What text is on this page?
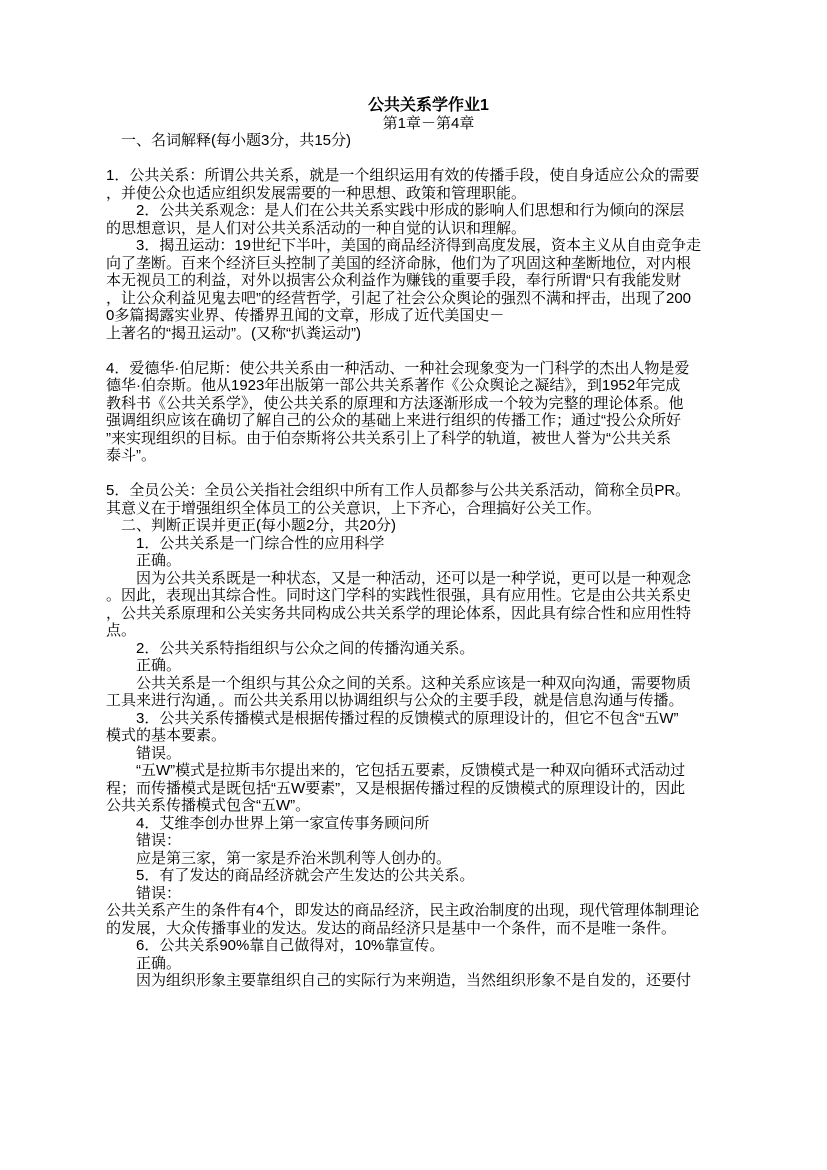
公共关系学作业1
第1章－第4章
　一、名词解释(每小题3分，共15分)
1．公共关系：所谓公共关系，就是一个组织运用有效的传播手段，使自身适应公众的需要
，并使公众也适应组织发展需要的一种思想、政策和管理职能。
　　2．公共关系观念：是人们在公共关系实践中形成的影响人们思想和行为倾向的深层
的思想意识，是人们对公共关系活动的一种自觉的认识和理解。
　　3．揭丑运动：19世纪下半叶，美国的商品经济得到高度发展，资本主义从自由竞争走
向了垄断。百来个经济巨头控制了美国的经济命脉，他们为了巩固这种垄断地位，对内根
本无视员工的利益，对外以损害公众利益作为赚钱的重要手段，奉行所谓“只有我能发财
，让公众利益见鬼去吧”的经营哲学，引起了社会公众舆论的强烈不满和抨击，出现了200
0多篇揭露实业界、传播界丑闻的文章，形成了近代美国史－
上著名的“揭丑运动”。(又称“扒粪运动”)
4．爱德华·伯尼斯：使公共关系由一种活动、一种社会现象变为一门科学的杰出人物是爱
德华·伯奈斯。他从1923年出版第一部公共关系著作《公众舆论之凝结》，到1952年完成
教科书《公共关系学》，使公共关系的原理和方法逐渐形成一个较为完整的理论体系。他
强调组织应该在确切了解自己的公众的基础上来进行组织的传播工作；通过“投公众所好
”来实现组织的目标。由于伯奈斯将公共关系引上了科学的轨道，被世人誉为“公共关系
泰斗”。
5．全员公关：全员公关指社会组织中所有工作人员都参与公共关系活动，简称全员PR。
其意义在于增强组织全体员工的公关意识，上下齐心，合理搞好公关工作。
　二、判断正误并更正(每小题2分，共20分)
　　1．公共关系是一门综合性的应用科学
　　正确。
　　因为公共关系既是一种状态，又是一种活动，还可以是一种学说，更可以是一种观念
。因此，表现出其综合性。同时这门学科的实践性很强，具有应用性。它是由公共关系史
，公共关系原理和公关实务共同构成公共关系学的理论体系，因此具有综合性和应用性特
点。
　　2．公共关系特指组织与公众之间的传播沟通关系。
　　正确。
　　公共关系是一个组织与其公众之间的关系。这种关系应该是一种双向沟通，需要物质
工具来进行沟通，。而公共关系用以协调组织与公众的主要手段，就是信息沟通与传播。
　　3．公共关系传播模式是根据传播过程的反馈模式的原理设计的，但它不包含“五W”
模式的基本要素。
　　错误。
　　“五W”模式是拉斯韦尔提出来的，它包括五要素，反馈模式是一种双向循环式活动过
程；而传播模式是既包括“五W要素”，又是根据传播过程的反馈模式的原理设计的，因此
公共关系传播模式包含“五W”。
　　4．艾维李创办世界上第一家宣传事务顾问所
　　错误：
　　应是第三家，第一家是乔治米凯利等人创办的。
　　5．有了发达的商品经济就会产生发达的公共关系。
　　错误：
公共关系产生的条件有4个，即发达的商品经济，民主政治制度的出现，现代管理体制理论
的发展，大众传播事业的发达。发达的商品经济只是基中一个条件，而不是唯一条件。
　　6．公共关系90%靠自己做得对，10%靠宣传。
　　正确。
　　因为组织形象主要靠组织自己的实际行为来朔造，当然组织形象不是自发的，还要付
